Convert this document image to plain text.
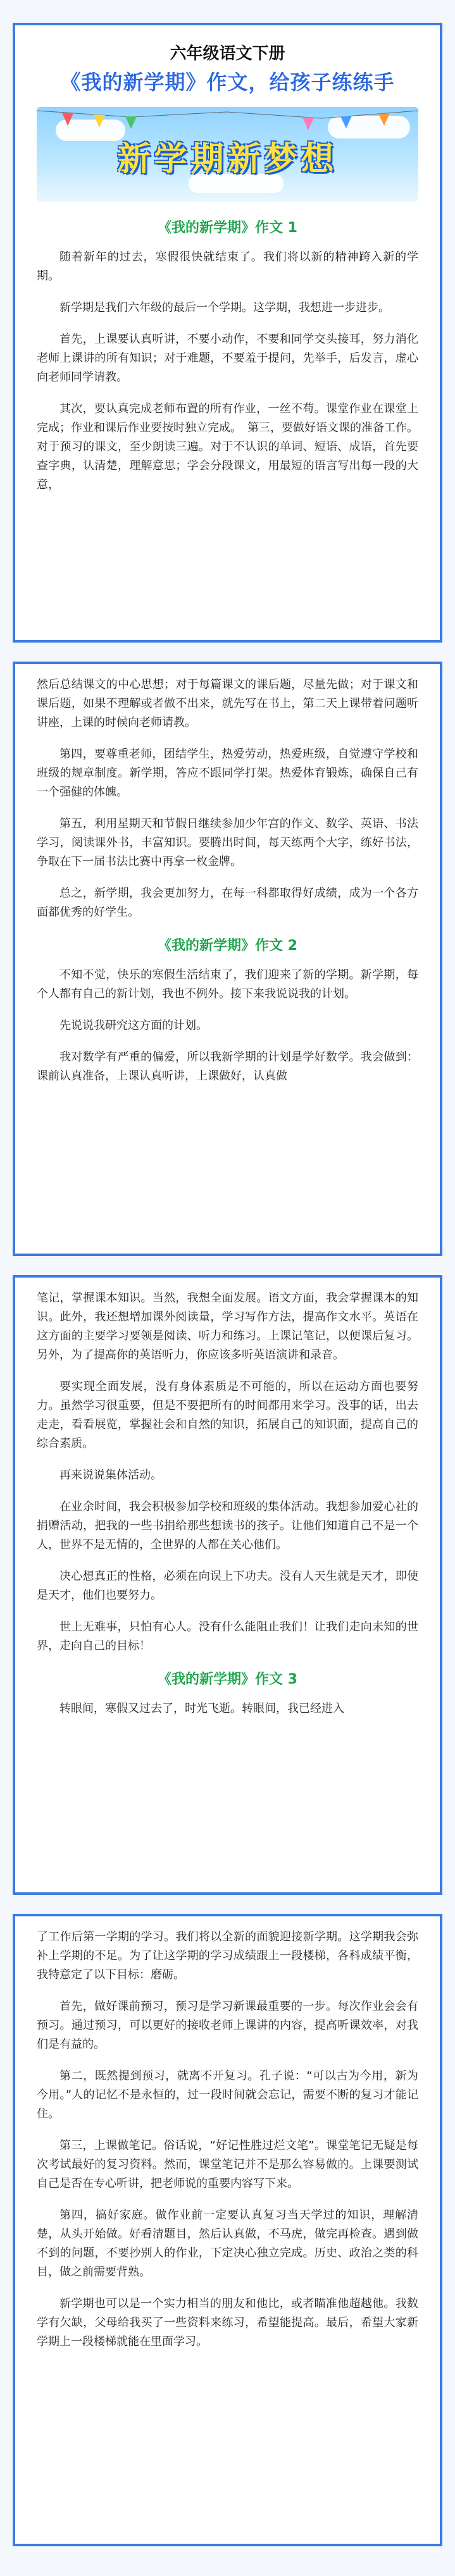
六年级语文下册
《我的新学期》作文，给孩子练练手
新学期新梦想
《我的新学期》作文 1

随着新年的过去，寒假很快就结束了。我们将以新的精神跨入新的学期。

新学期是我们六年级的最后一个学期。这学期，我想进一步进步。

首先，上课要认真听讲，不要小动作，不要和同学交头接耳，努力消化老师上课讲的所有知识；对于难题，不要羞于提问，先举手，后发言，虚心向老师同学请教。

其次，要认真完成老师布置的所有作业，一丝不苟。课堂作业在课堂上完成；作业和课后作业要按时独立完成。　第三，要做好语文课的准备工作。对于预习的课文，至少朗读三遍。对于不认识的单词、短语、成语，首先要查字典，认清楚，理解意思；学会分段课文，用最短的语言写出每一段的大意，

然后总结课文的中心思想；对于每篇课文的课后题，尽量先做；对于课文和课后题，如果不理解或者做不出来，就先写在书上，第二天上课带着问题听讲座，上课的时候向老师请教。

第四，要尊重老师，团结学生，热爱劳动，热爱班级，自觉遵守学校和班级的规章制度。新学期，答应不跟同学打架。热爱体育锻炼，确保自己有一个强健的体魄。

第五，利用星期天和节假日继续参加少年宫的作文、数学、英语、书法学习，阅读课外书，丰富知识。要腾出时间，每天练两个大字，练好书法，争取在下一届书法比赛中再拿一枚金牌。

总之，新学期，我会更加努力，在每一科都取得好成绩，成为一个各方面都优秀的好学生。

《我的新学期》作文 2

不知不觉，快乐的寒假生活结束了，我们迎来了新的学期。新学期，每个人都有自己的新计划，我也不例外。接下来我说说我的计划。

先说说我研究这方面的计划。

我对数学有严重的偏爱，所以我新学期的计划是学好数学。我会做到：课前认真准备，上课认真听讲，上课做好，认真做

笔记，掌握课本知识。当然，我想全面发展。语文方面，我会掌握课本的知识。此外，我还想增加课外阅读量，学习写作方法，提高作文水平。英语在这方面的主要学习要领是阅读、听力和练习。上课记笔记，以便课后复习。另外，为了提高你的英语听力，你应该多听英语演讲和录音。

要实现全面发展，没有身体素质是不可能的，所以在运动方面也要努力。虽然学习很重要，但是不要把所有的时间都用来学习。没事的话，出去走走，看看展览，掌握社会和自然的知识，拓展自己的知识面，提高自己的综合素质。

再来说说集体活动。

在业余时间，我会积极参加学校和班级的集体活动。我想参加爱心社的捐赠活动，把我的一些书捐给那些想读书的孩子。让他们知道自己不是一个人，世界不是无情的，全世界的人都在关心他们。

决心想真正的性格，必须在向误上下功夫。没有人天生就是天才，即使是天才，他们也要努力。

世上无难事，只怕有心人。没有什么能阻止我们！让我们走向未知的世界，走向自己的目标！

《我的新学期》作文 3

转眼间，寒假又过去了，时光飞逝。转眼间，我已经进入

了工作后第一学期的学习。我们将以全新的面貌迎接新学期。这学期我会弥补上学期的不足。为了让这学期的学习成绩跟上一段楼梯，各科成绩平衡，我特意定了以下目标：磨砺。

首先，做好课前预习，预习是学习新课最重要的一步。每次作业会会有预习。通过预习，可以更好的接收老师上课讲的内容，提高听课效率，对我们是有益的。

第二，既然提到预习，就离不开复习。孔子说：“可以古为今用，新为今用。”人的记忆不是永恒的，过一段时间就会忘记，需要不断的复习才能记住。

第三，上课做笔记。俗话说，“好记性胜过烂文笔”。课堂笔记无疑是每次考试最好的复习资料。然而，课堂笔记并不是那么容易做的。上课要测试自己是否在专心听讲，把老师说的重要内容写下来。

第四，搞好家庭。做作业前一定要认真复习当天学过的知识，理解清楚，从头开始做。好看清题目，然后认真做，不马虎，做完再检查。遇到做不到的问题，不要抄别人的作业，下定决心独立完成。历史、政治之类的科目，做之前需要背熟。

新学期也可以是一个实力相当的朋友和他比，或者瞄准他超越他。我数学有欠缺，父母给我买了一些资料来练习，希望能提高。最后，希望大家新学期上一段楼梯就能在里面学习。
